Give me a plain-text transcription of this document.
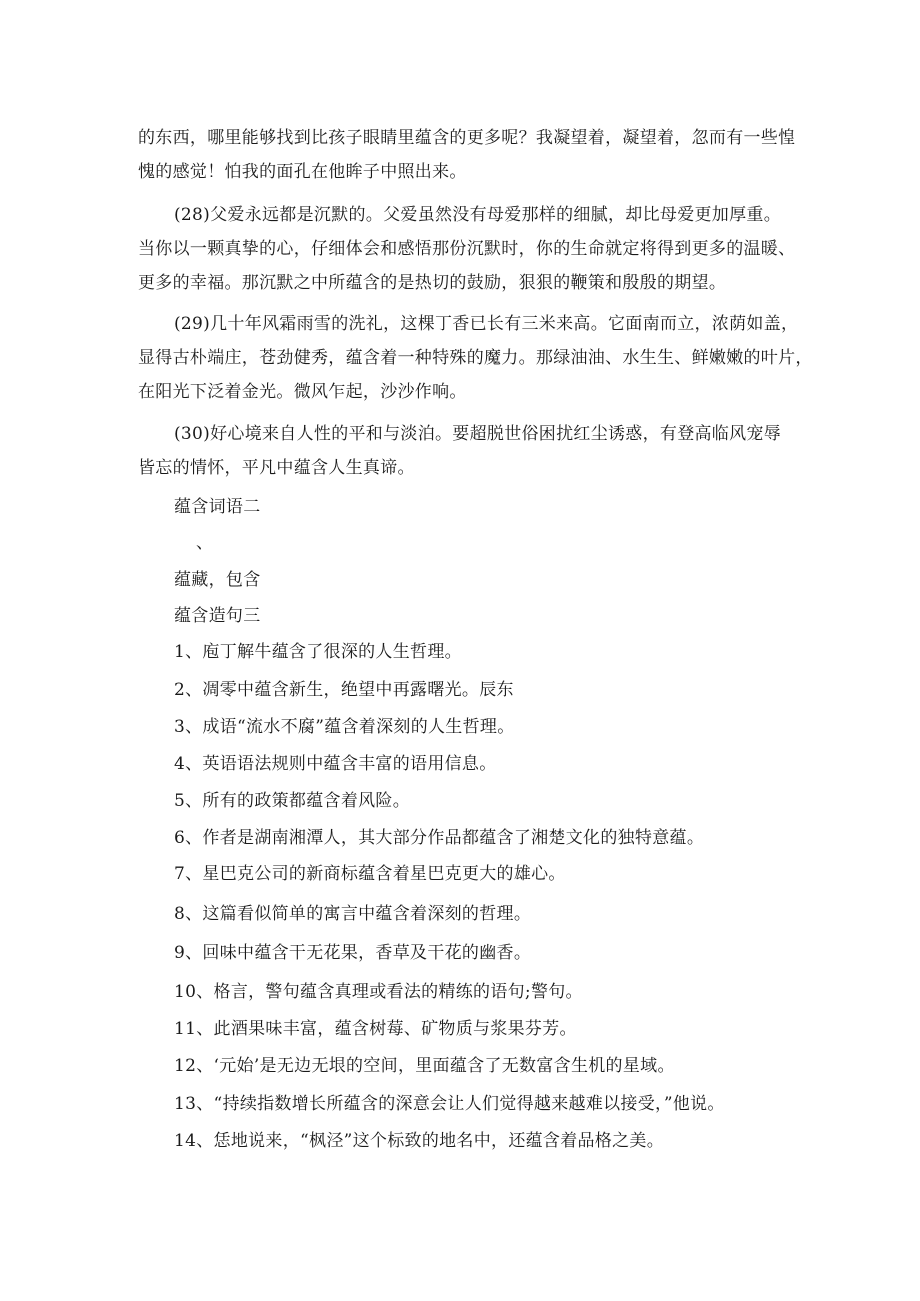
的东西，哪里能够找到比孩子眼睛里蕴含的更多呢？我凝望着，凝望着，忽而有一些惶
愧的感觉！怕我的面孔在他眸子中照出来。
(28)父爱永远都是沉默的。父爱虽然没有母爱那样的细腻，却比母爱更加厚重。
当你以一颗真挚的心，仔细体会和感悟那份沉默时，你的生命就定将得到更多的温暖、
更多的幸福。那沉默之中所蕴含的是热切的鼓励，狠狠的鞭策和殷殷的期望。
(29)几十年风霜雨雪的洗礼，这棵丁香已长有三米来高。它面南而立，浓荫如盖，
显得古朴端庄，苍劲健秀，蕴含着一种特殊的魔力。那绿油油、水生生、鲜嫩嫩的叶片，
在阳光下泛着金光。微风乍起，沙沙作响。
(30)好心境来自人性的平和与淡泊。要超脱世俗困扰红尘诱惑，有登高临风宠辱
皆忘的情怀，平凡中蕴含人生真谛。
蕴含词语二
、
蕴藏，包含
蕴含造句三
1、庖丁解牛蕴含了很深的人生哲理。
2、凋零中蕴含新生，绝望中再露曙光。辰东
3、成语“流水不腐”蕴含着深刻的人生哲理。
4、英语语法规则中蕴含丰富的语用信息。
5、所有的政策都蕴含着风险。
6、作者是湖南湘潭人，其大部分作品都蕴含了湘楚文化的独特意蕴。
7、星巴克公司的新商标蕴含着星巴克更大的雄心。
8、这篇看似简单的寓言中蕴含着深刻的哲理。
9、回味中蕴含干无花果，香草及干花的幽香。
10、格言，警句蕴含真理或看法的精练的语句;警句。
11、此酒果味丰富，蕴含树莓、矿物质与浆果芬芳。
12、‘元始’是无边无垠的空间，里面蕴含了无数富含生机的星域。
13、“持续指数增长所蕴含的深意会让人们觉得越来越难以接受，”他说。
14、恁地说来，“枫泾”这个标致的地名中，还蕴含着品格之美。
